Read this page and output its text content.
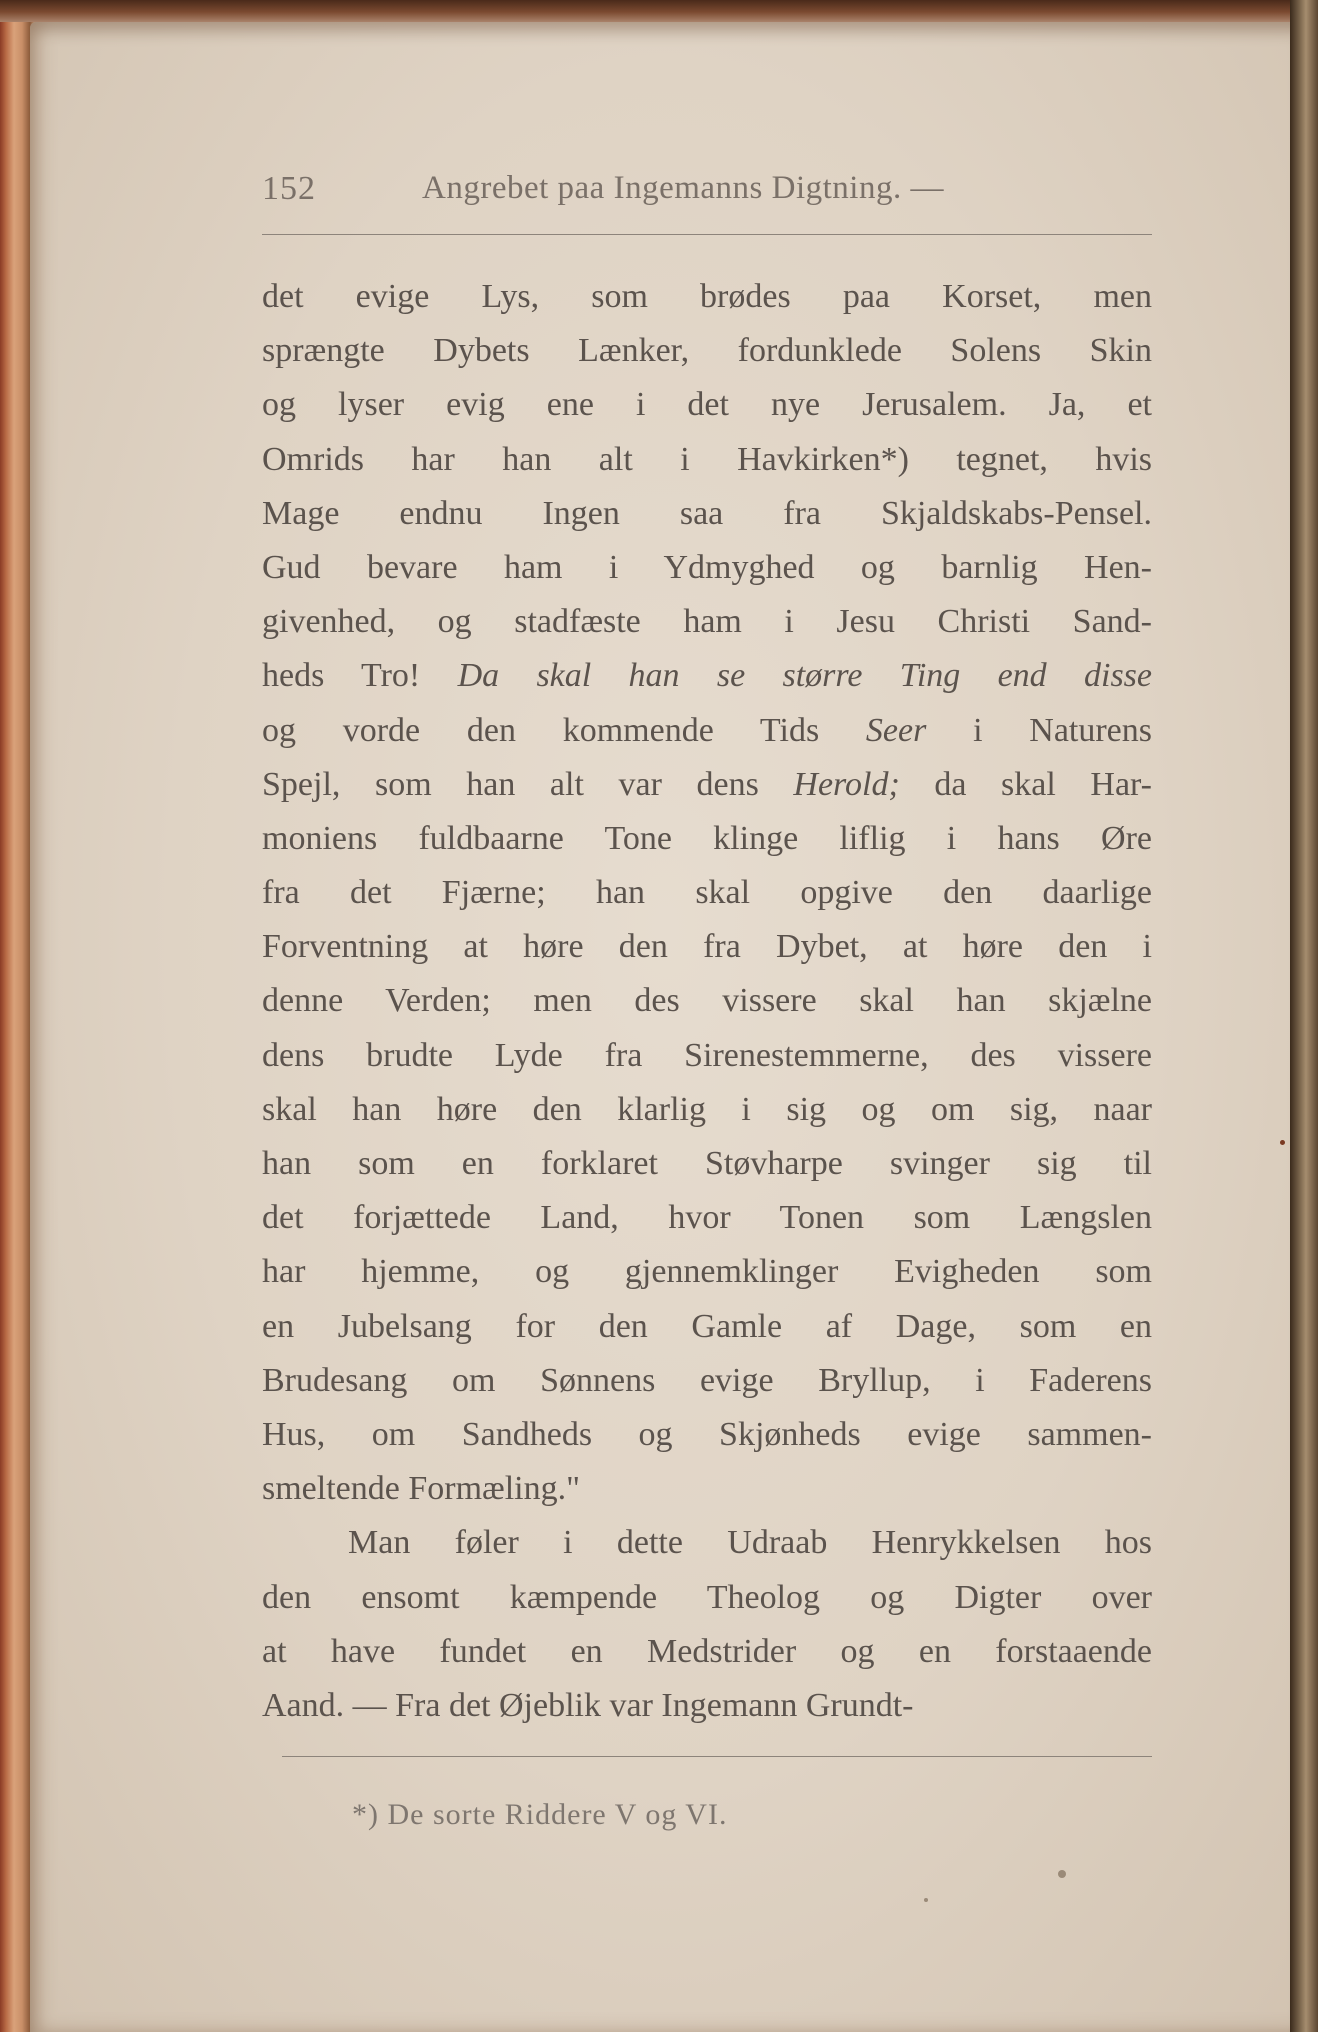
152	Angrebet paa Ingemanns Digtning. —
det evige Lys, som brødes paa Korset, men
sprængte Dybets Lænker, fordunklede Solens Skin
og lyser evig ene i det nye Jerusalem. Ja, et
Omrids har han alt i Havkirken*) tegnet, hvis
Mage endnu Ingen saa fra Skjaldskabs-Pensel.
Gud bevare ham i Ydmyghed og barnlig Hen-
givenhed, og stadfæste ham i Jesu Christi Sand-
heds Tro! Da skal han se større Ting end disse
og vorde den kommende Tids Seer i Naturens
Spejl, som han alt var dens Herold; da skal Har-
moniens fuldbaarne Tone klinge liflig i hans Øre
fra det Fjærne; han skal opgive den daarlige
Forventning at høre den fra Dybet, at høre den i
denne Verden; men des vissere skal han skjælne
dens brudte Lyde fra Sirenestemmerne, des vissere
skal han høre den klarlig i sig og om sig, naar
han som en forklaret Støvharpe svinger sig til
det forjættede Land, hvor Tonen som Længslen
har hjemme, og gjennemklinger Evigheden som
en Jubelsang for den Gamle af Dage, som en
Brudesang om Sønnens evige Bryllup, i Faderens
Hus, om Sandheds og Skjønheds evige sammen-
smeltende Formæling."
Man føler i dette Udraab Henrykkelsen hos
den ensomt kæmpende Theolog og Digter over
at have fundet en Medstrider og en forstaaende
Aand. — Fra det Øjeblik var Ingemann Grundt-
*) De sorte Riddere V og VI.
